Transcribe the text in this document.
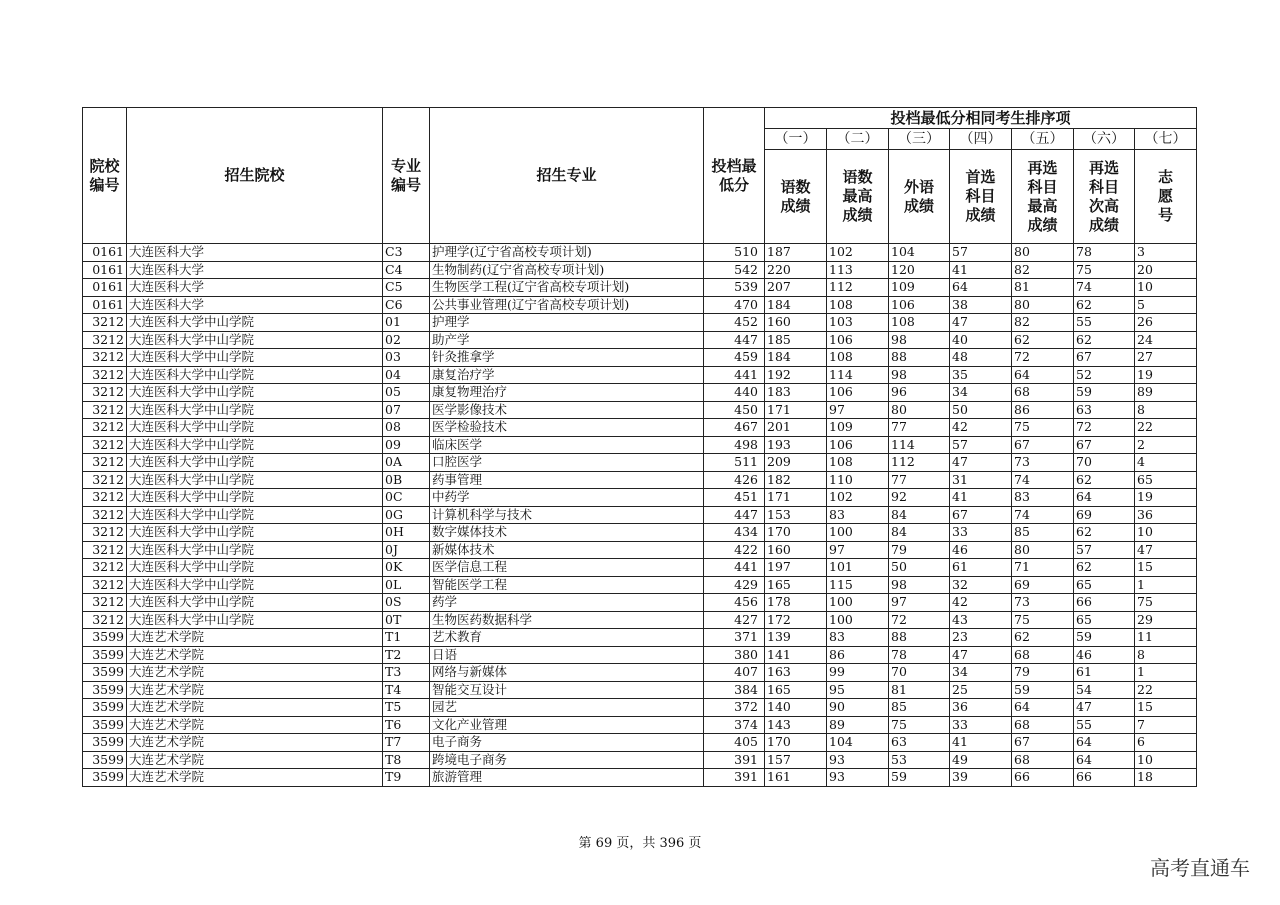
院校编号	招生院校	专业编号	招生专业	投档最低分	投档最低分相同考生排序项						
					（一）	（二）	（三）	（四）	（五）	（六）	（七）
					语数成绩	语数最高成绩	外语成绩	首选科目成绩	再选科目最高成绩	再选科目次高成绩	志愿号
0161	大连医科大学	C3	护理学(辽宁省高校专项计划)	510	187	102	104	57	80	78	3
0161	大连医科大学	C4	生物制药(辽宁省高校专项计划)	542	220	113	120	41	82	75	20
0161	大连医科大学	C5	生物医学工程(辽宁省高校专项计划)	539	207	112	109	64	81	74	10
0161	大连医科大学	C6	公共事业管理(辽宁省高校专项计划)	470	184	108	106	38	80	62	5
3212	大连医科大学中山学院	01	护理学	452	160	103	108	47	82	55	26
3212	大连医科大学中山学院	02	助产学	447	185	106	98	40	62	62	24
3212	大连医科大学中山学院	03	针灸推拿学	459	184	108	88	48	72	67	27
3212	大连医科大学中山学院	04	康复治疗学	441	192	114	98	35	64	52	19
3212	大连医科大学中山学院	05	康复物理治疗	440	183	106	96	34	68	59	89
3212	大连医科大学中山学院	07	医学影像技术	450	171	97	80	50	86	63	8
3212	大连医科大学中山学院	08	医学检验技术	467	201	109	77	42	75	72	22
3212	大连医科大学中山学院	09	临床医学	498	193	106	114	57	67	67	2
3212	大连医科大学中山学院	0A	口腔医学	511	209	108	112	47	73	70	4
3212	大连医科大学中山学院	0B	药事管理	426	182	110	77	31	74	62	65
3212	大连医科大学中山学院	0C	中药学	451	171	102	92	41	83	64	19
3212	大连医科大学中山学院	0G	计算机科学与技术	447	153	83	84	67	74	69	36
3212	大连医科大学中山学院	0H	数字媒体技术	434	170	100	84	33	85	62	10
3212	大连医科大学中山学院	0J	新媒体技术	422	160	97	79	46	80	57	47
3212	大连医科大学中山学院	0K	医学信息工程	441	197	101	50	61	71	62	15
3212	大连医科大学中山学院	0L	智能医学工程	429	165	115	98	32	69	65	1
3212	大连医科大学中山学院	0S	药学	456	178	100	97	42	73	66	75
3212	大连医科大学中山学院	0T	生物医药数据科学	427	172	100	72	43	75	65	29
3599	大连艺术学院	T1	艺术教育	371	139	83	88	23	62	59	11
3599	大连艺术学院	T2	日语	380	141	86	78	47	68	46	8
3599	大连艺术学院	T3	网络与新媒体	407	163	99	70	34	79	61	1
3599	大连艺术学院	T4	智能交互设计	384	165	95	81	25	59	54	22
3599	大连艺术学院	T5	园艺	372	140	90	85	36	64	47	15
3599	大连艺术学院	T6	文化产业管理	374	143	89	75	33	68	55	7
3599	大连艺术学院	T7	电子商务	405	170	104	63	41	67	64	6
3599	大连艺术学院	T8	跨境电子商务	391	157	93	53	49	68	64	10
3599	大连艺术学院	T9	旅游管理	391	161	93	59	39	66	66	18
第 69 页，共 396 页
高考直通车
